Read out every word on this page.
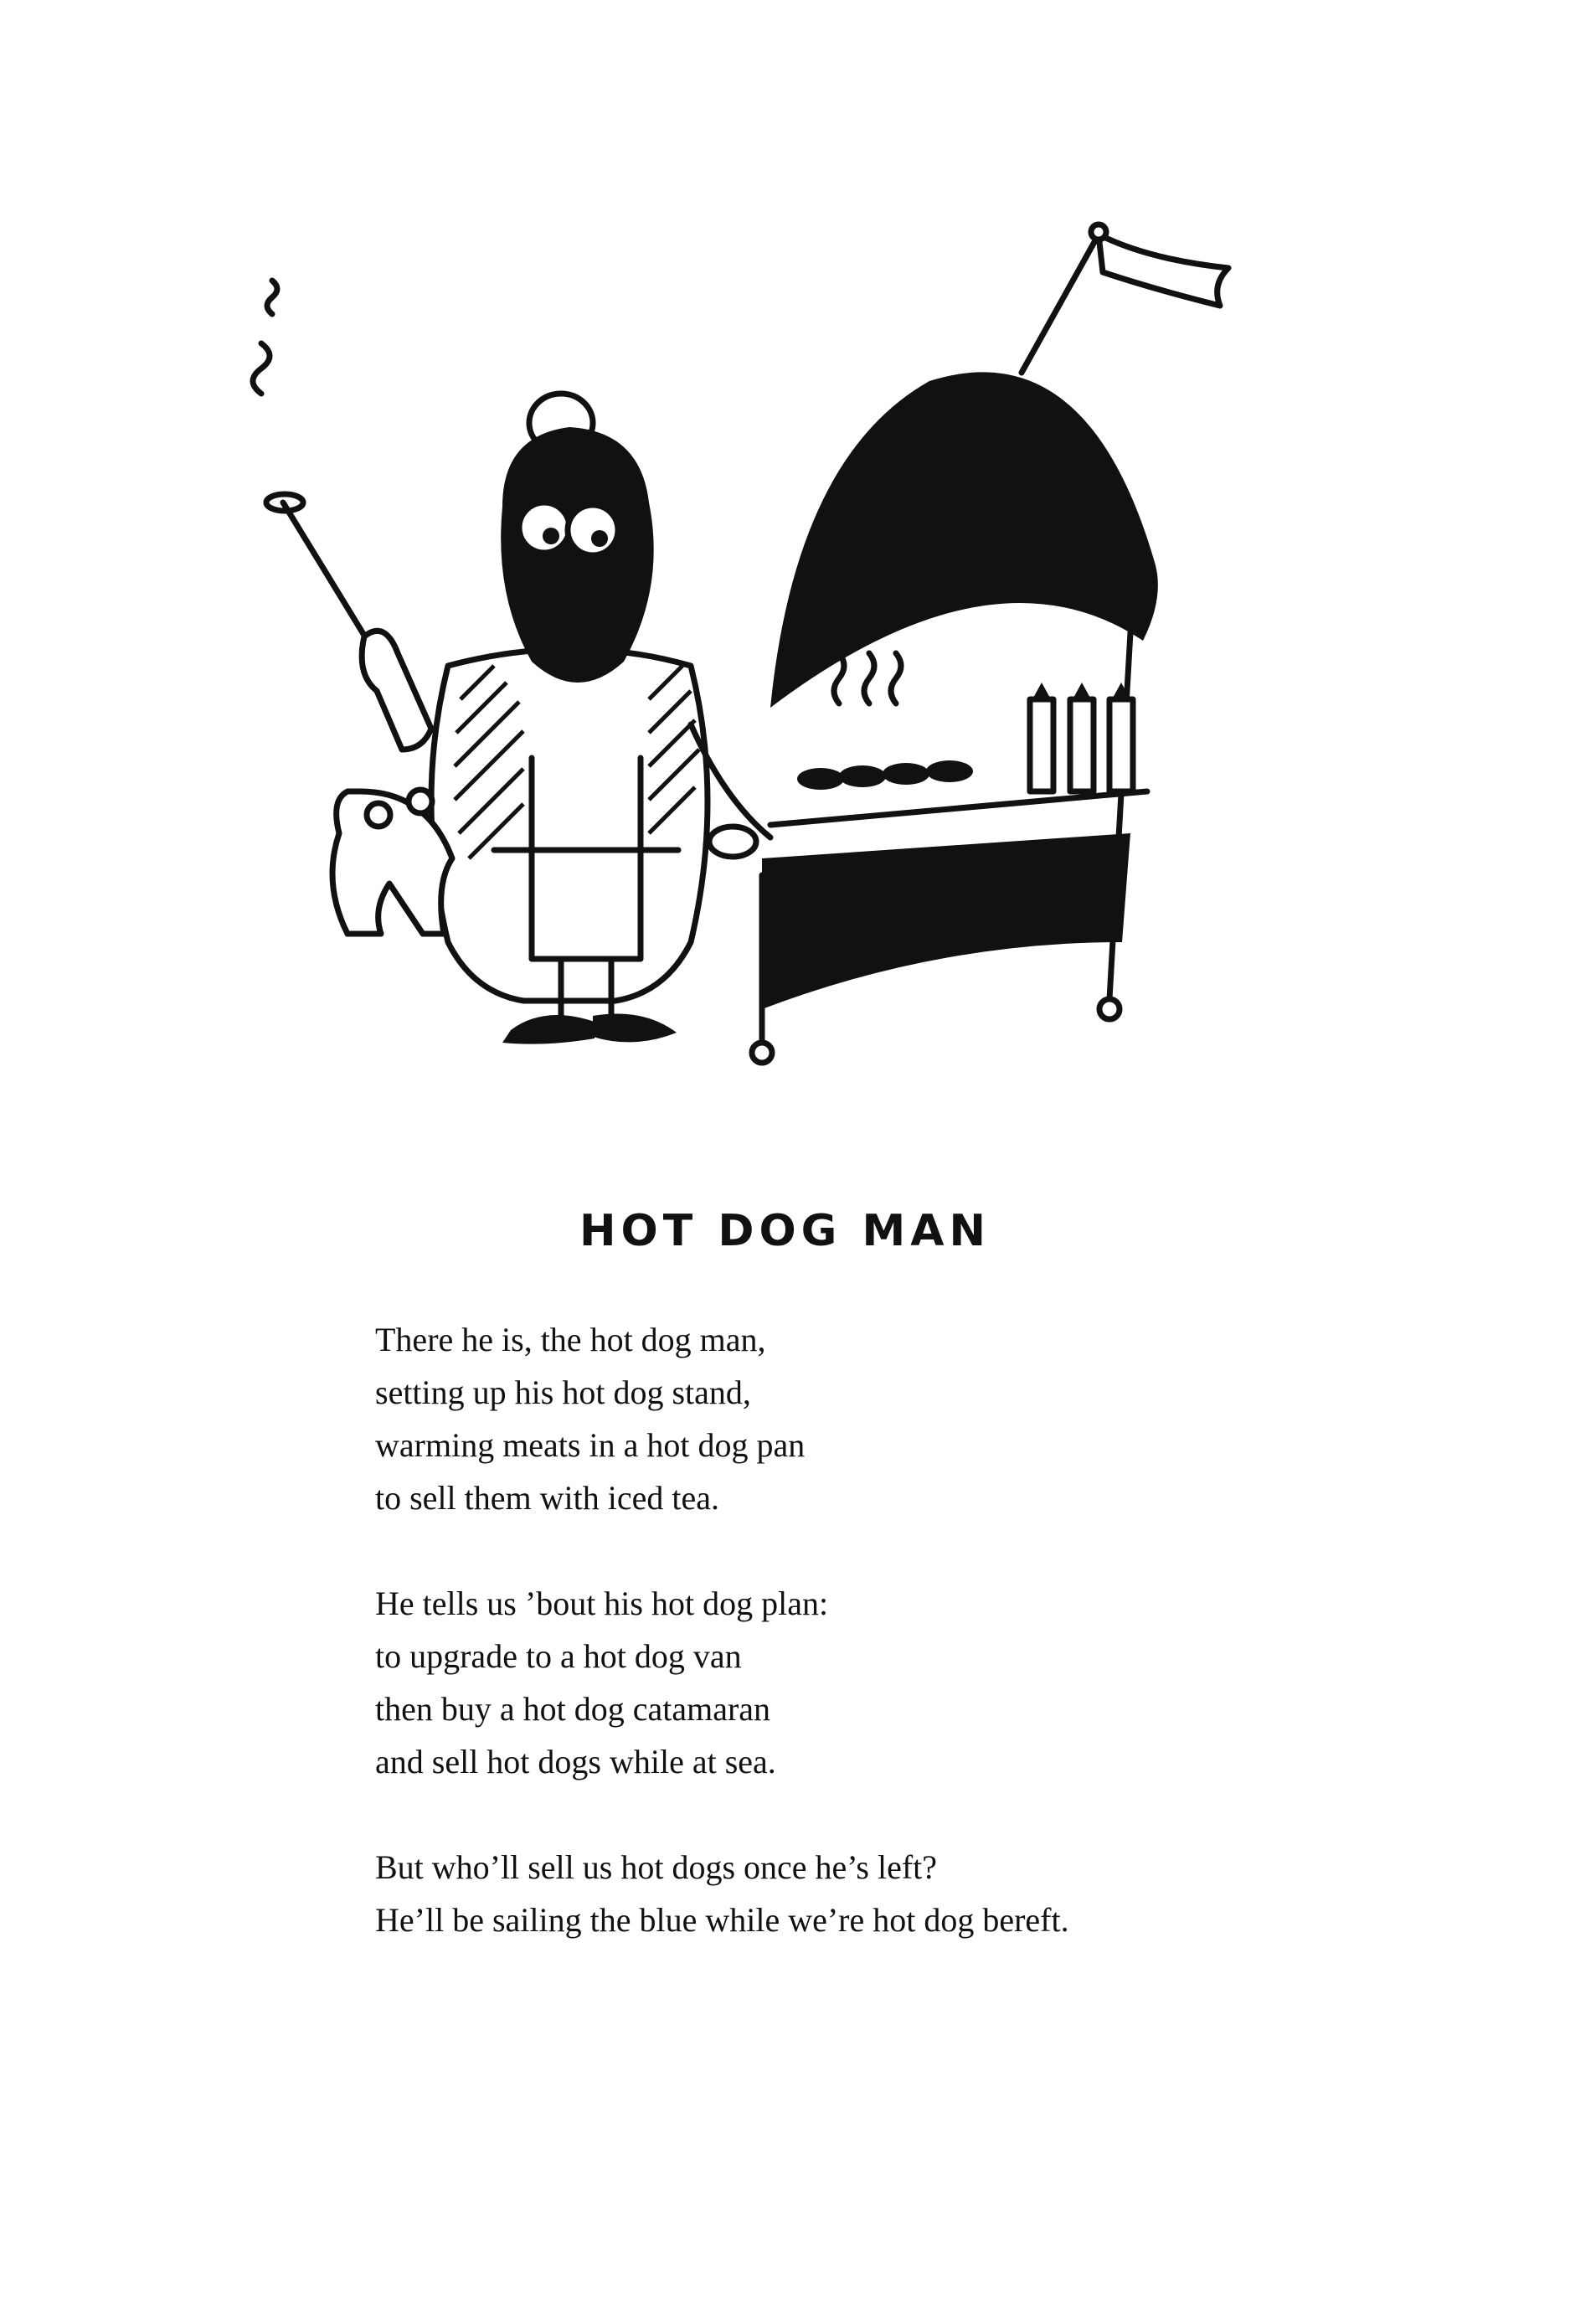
HOT DOG MAN
There he is, the hot dog man,
setting up his hot dog stand,
warming meats in a hot dog pan
to sell them with iced tea.
He tells us ’bout his hot dog plan:
to upgrade to a hot dog van
then buy a hot dog catamaran
and sell hot dogs while at sea.
But who’ll sell us hot dogs once he’s left?
He’ll be sailing the blue while we’re hot dog bereft.
